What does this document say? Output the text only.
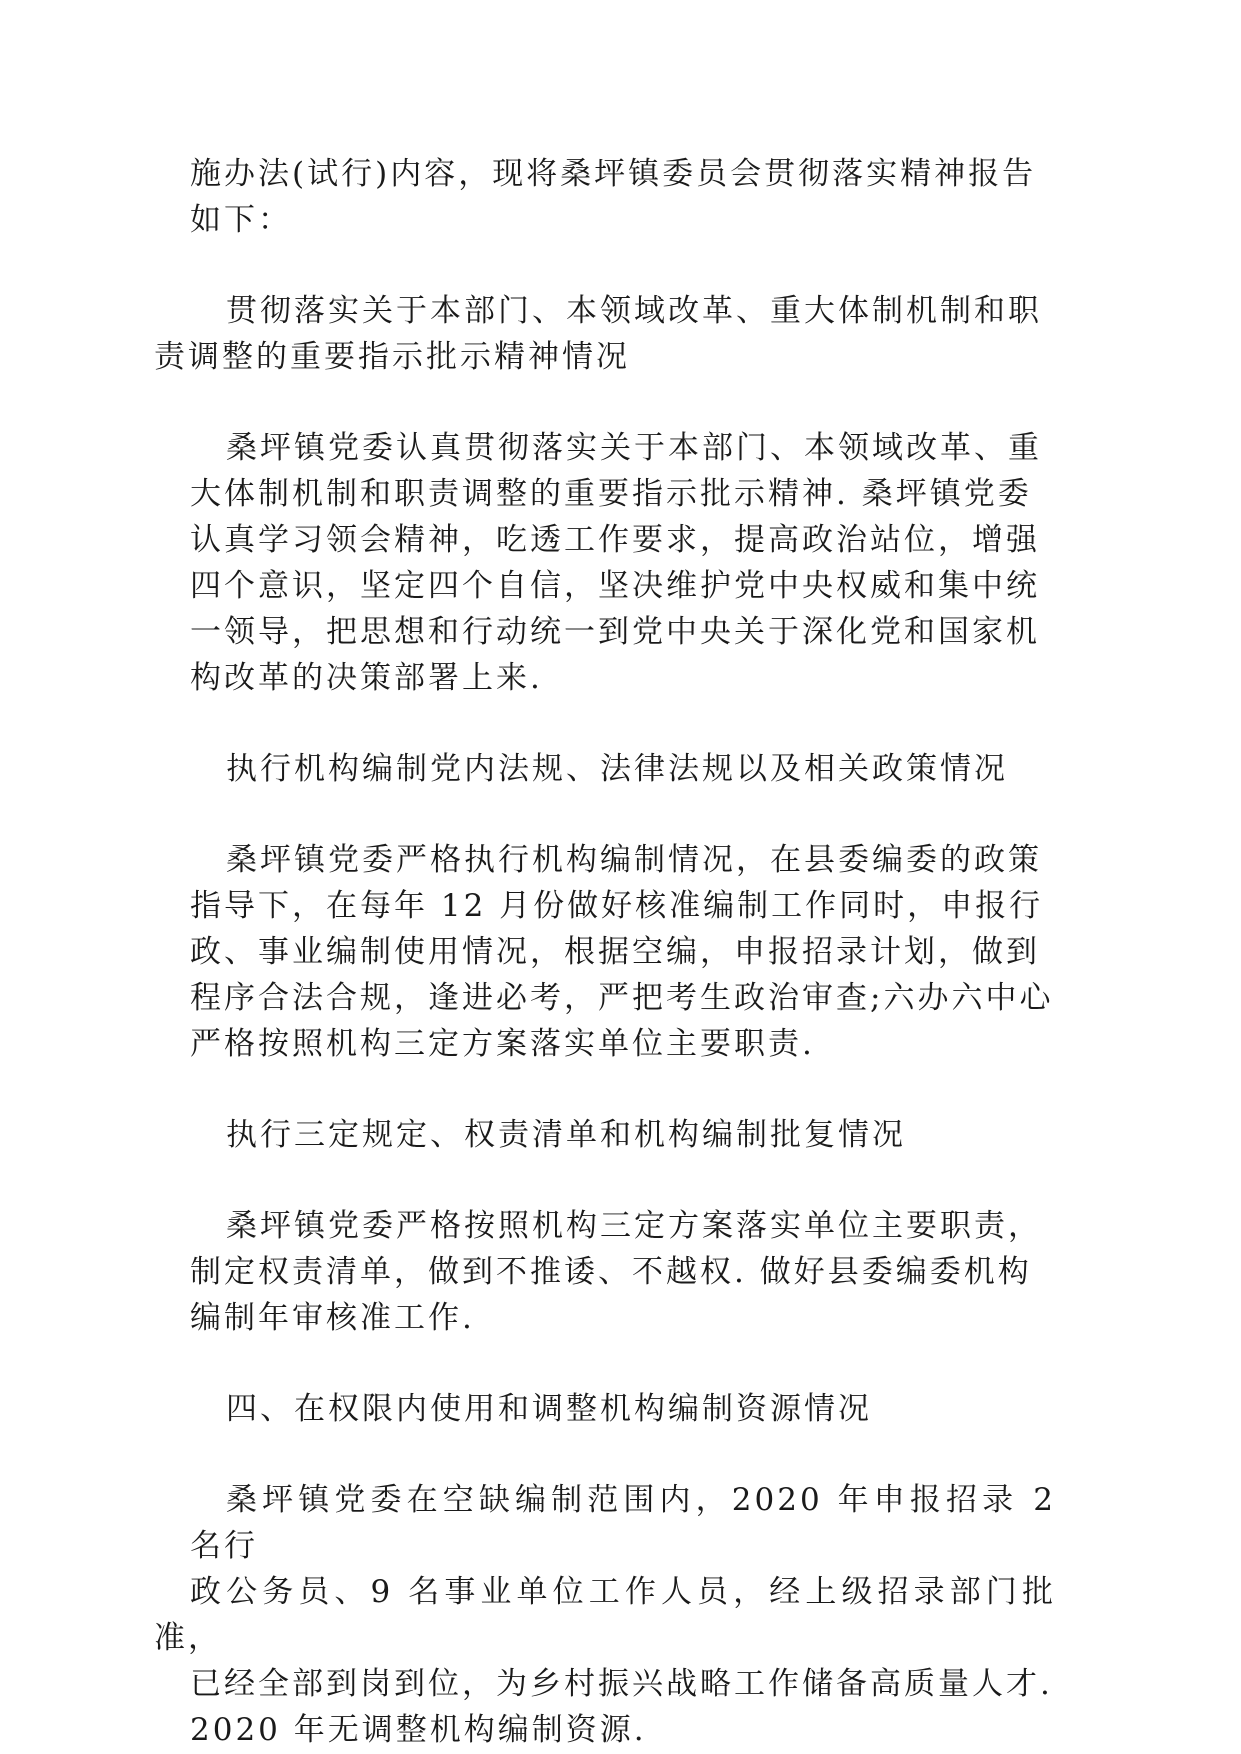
施办法(试行)内容，现将桑坪镇委员会贯彻落实精神报告
如下：

贯彻落实关于本部门、本领域改革、重大体制机制和职
责调整的重要指示批示精神情况

桑坪镇党委认真贯彻落实关于本部门、本领域改革、重
大体制机制和职责调整的重要指示批示精神. 桑坪镇党委
认真学习领会精神，吃透工作要求，提高政治站位，增强
四个意识，坚定四个自信，坚决维护党中央权威和集中统
一领导，把思想和行动统一到党中央关于深化党和国家机
构改革的决策部署上来.

执行机构编制党内法规、法律法规以及相关政策情况

桑坪镇党委严格执行机构编制情况，在县委编委的政策
指导下，在每年 12 月份做好核准编制工作同时，申报行
政、事业编制使用情况，根据空编，申报招录计划，做到
程序合法合规，逢进必考，严把考生政治审查;六办六中心
严格按照机构三定方案落实单位主要职责.

执行三定规定、权责清单和机构编制批复情况

桑坪镇党委严格按照机构三定方案落实单位主要职责，
制定权责清单，做到不推诿、不越权. 做好县委编委机构
编制年审核准工作.

四、在权限内使用和调整机构编制资源情况

桑坪镇党委在空缺编制范围内，2020 年申报招录 2 名行
政公务员、9 名事业单位工作人员，经上级招录部门批准，
已经全部到岗到位，为乡村振兴战略工作储备高质量人才.
2020 年无调整机构编制资源.
